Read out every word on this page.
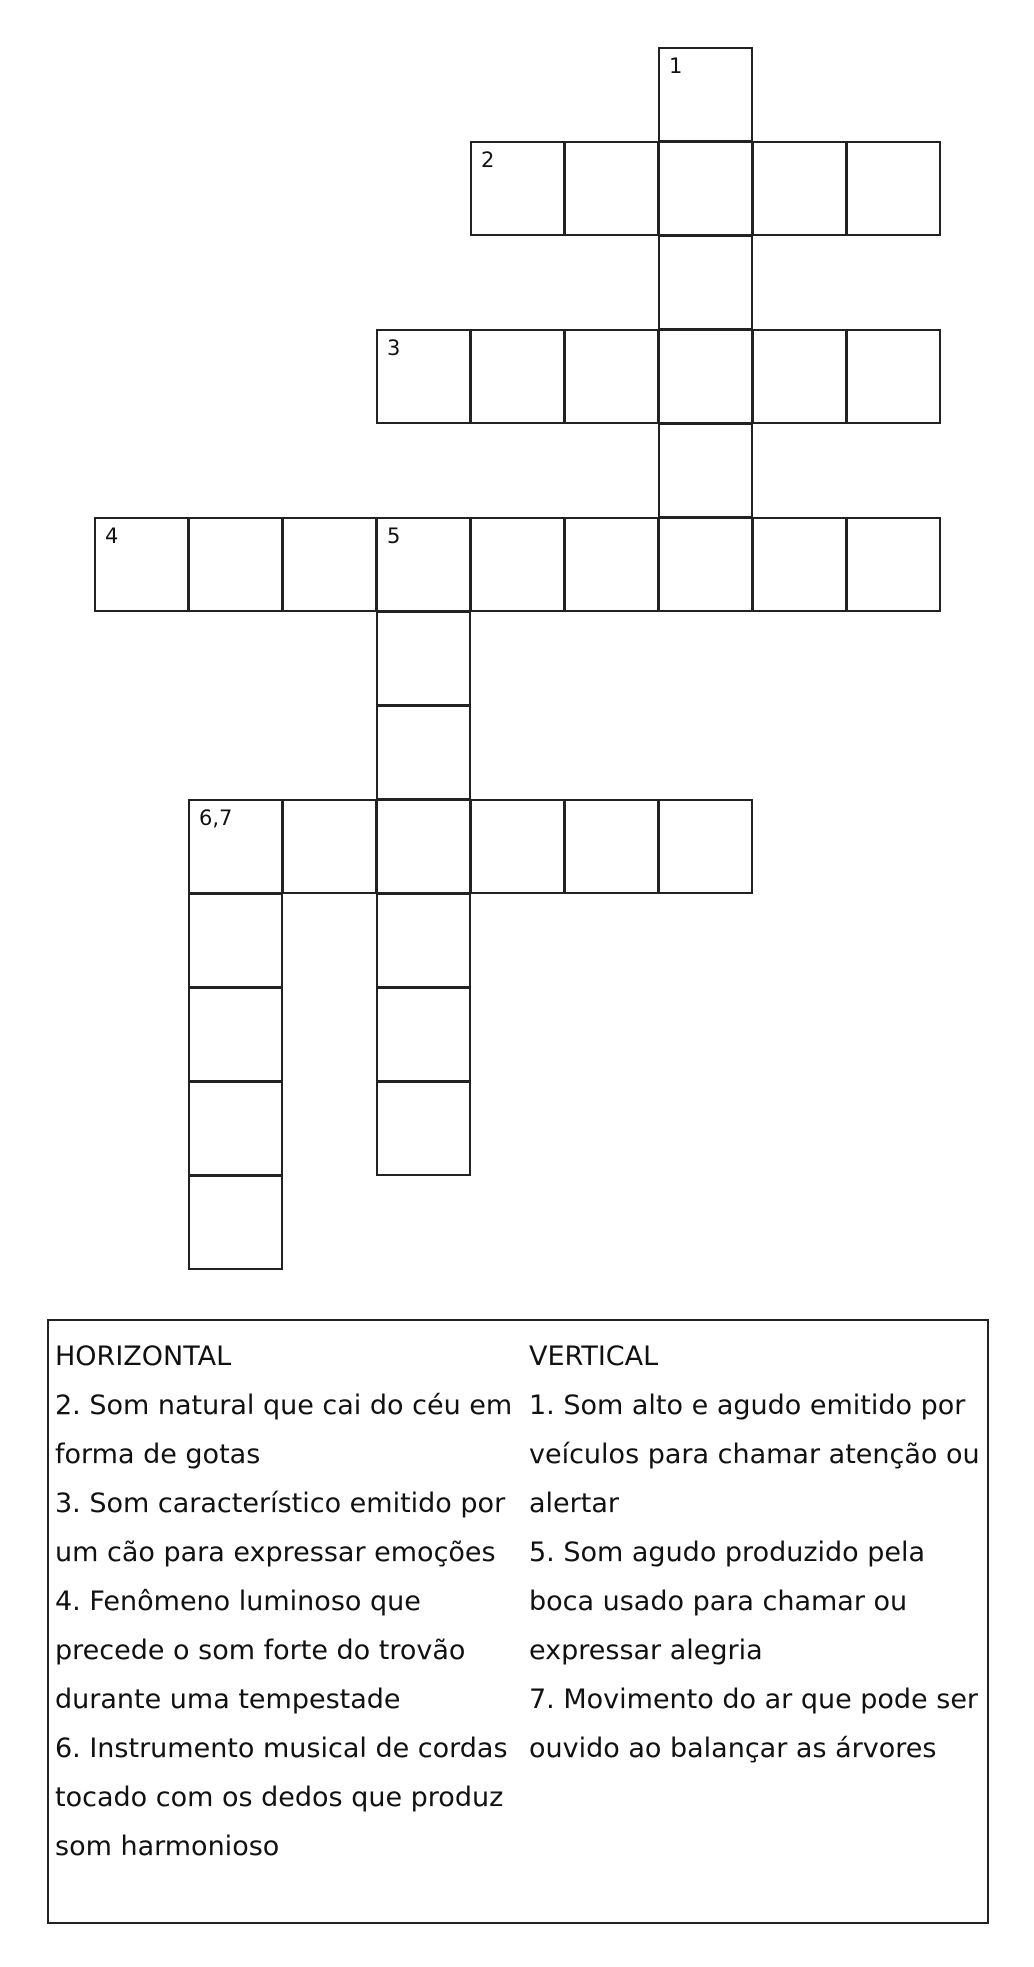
1
2
3
4	5
6,7
HORIZONTAL
2. Som natural que cai do céu em
forma de gotas
3. Som característico emitido por
um cão para expressar emoções
4. Fenômeno luminoso que
precede o som forte do trovão
durante uma tempestade
6. Instrumento musical de cordas
tocado com os dedos que produz
som harmonioso
VERTICAL
1. Som alto e agudo emitido por
veículos para chamar atenção ou
alertar
5. Som agudo produzido pela
boca usado para chamar ou
expressar alegria
7. Movimento do ar que pode ser
ouvido ao balançar as árvores
